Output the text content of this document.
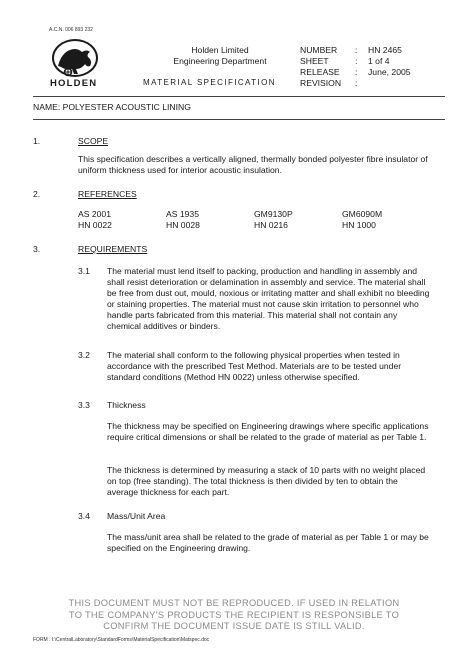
A.C.N. 006 893 232
HOLDEN
Holden Limited
Engineering Department
MATERIAL SPECIFICATION
NUMBER	:	HN 2465
SHEET	:	1 of 4
RELEASE	:	June, 2005
REVISION	:
NAME: POLYESTER ACOUSTIC LINING
1.	SCOPE
This specification describes a vertically aligned, thermally bonded polyester fibre insulator of uniform thickness used for interior acoustic insulation.
2.	REFERENCES
AS 2001	AS 1935	GM9130P	GM6090M
HN 0022	HN 0028	HN 0216	HN 1000
3.	REQUIREMENTS
3.1 The material must lend itself to packing, production and handling in assembly and shall resist deterioration or delamination in assembly and service. The material shall be free from dust out, mould, noxious or irritating matter and shall exhibit no bleeding or staining properties. The material must not cause skin irritation to personnel who handle parts fabricated from this material. This material shall not contain any chemical additives or binders.
3.2 The material shall conform to the following physical properties when tested in accordance with the prescribed Test Method. Materials are to be tested under standard conditions (Method HN 0022) unless otherwise specified.
3.3 Thickness
The thickness may be specified on Engineering drawings where specific applications require critical dimensions or shall be related to the grade of material as per Table 1.
The thickness is determined by measuring a stack of 10 parts with no weight placed on top (free standing). The total thickness is then divided by ten to obtain the average thickness for each part.
3.4 Mass/Unit Area
The mass/unit area shall be related to the grade of material as per Table 1 or may be specified on the Engineering drawing.
THIS DOCUMENT MUST NOT BE REPRODUCED. IF USED IN RELATION
TO THE COMPANY'S PRODUCTS THE RECIPIENT IS RESPONSIBLE TO
CONFIRM THE DOCUMENT ISSUE DATE IS STILL VALID.
FORM : I:\CentralLaboratory\StandardForms\MaterialSpecification\Matspec.doc
